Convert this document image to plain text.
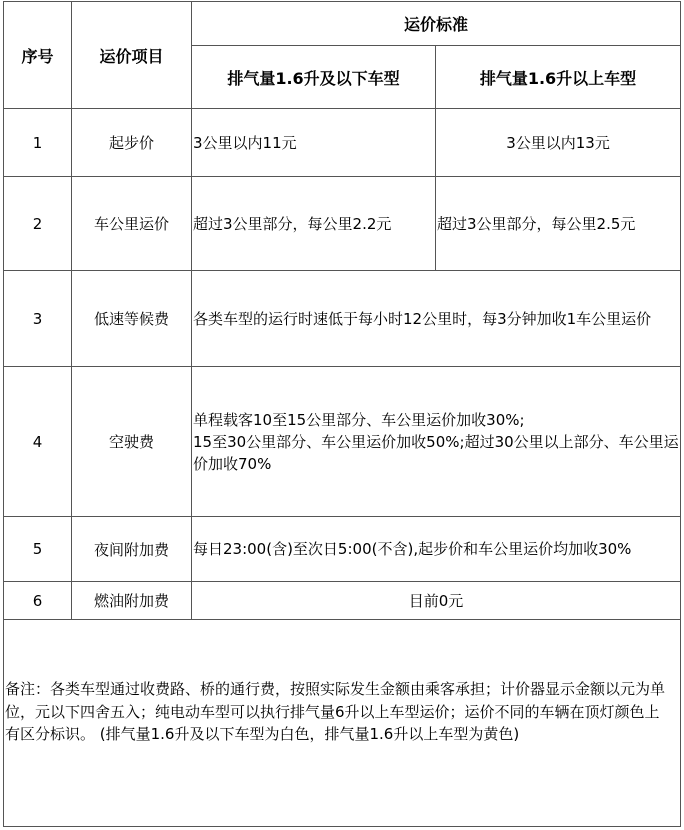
序号	运价项目	运价标准	
		排气量1.6升及以下车型	排气量1.6升以上车型
1	起步价	3公里以内11元	3公里以内13元
2	车公里运价	超过3公里部分，每公里2.2元	超过3公里部分，每公里2.5元
3	低速等候费	各类车型的运行时速低于每小时12公里时，每3分钟加收1车公里运价	
4	空驶费	单程载客10至15公里部分、车公里运价加收30%;
15至30公里部分、车公里运价加收50%;超过30公里以上部分、车公里运价加收70%	

5	夜间附加费	每日23:00(含)至次日5:00(不含),起步价和车公里运价均加收30%	
6	燃油附加费	目前0元	

备注：各类车型通过收费路、桥的通行费，按照实际发生金额由乘客承担；计价器显示金额以元为单位，元以下四舍五入；纯电动车型可以执行排气量6升以上车型运价；运价不同的车辆在顶灯颜色上有区分标识。 (排气量1.6升及以下车型为白色，排气量1.6升以上车型为黄色)			
